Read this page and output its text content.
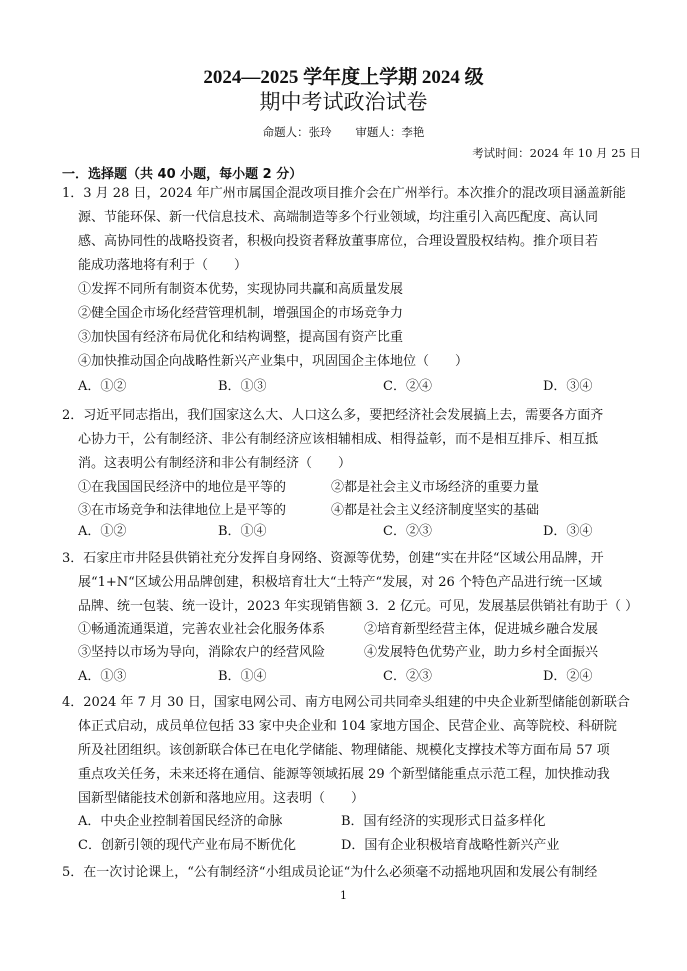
2024—2025 学年度上学期 2024 级
期中考试政治试卷
命题人：张玲 审题人：李艳
考试时间：2024 年 10 月 25 日
一．选择题（共 40 小题，每小题 2 分）
1．3 月 28 日，2024 年广州市属国企混改项目推介会在广州举行。本次推介的混改项目涵盖新能
源、节能环保、新一代信息技术、高端制造等多个行业领域，均注重引入高匹配度、高认同
感、高协同性的战略投资者，积极向投资者释放董事席位，合理设置股权结构。推介项目若
能成功落地将有利于（　　）
①发挥不同所有制资本优势，实现协同共赢和高质量发展
②健全国企市场化经营管理机制，增强国企的市场竞争力
③加快国有经济布局优化和结构调整，提高国有资产比重
④加快推动国企向战略性新兴产业集中，巩固国企主体地位（　　）
A．①②	B．①③	C．②④	D．③④
2．习近平同志指出，我们国家这么大、人口这么多，要把经济社会发展搞上去，需要各方面齐
心协力干，公有制经济、非公有制经济应该相辅相成、相得益彰，而不是相互排斥、相互抵
消。这表明公有制经济和非公有制经济（　　）
①在我国国民经济中的地位是平等的	②都是社会主义市场经济的重要力量
③在市场竞争和法律地位上是平等的	④都是社会主义经济制度坚实的基础
A．①②	B．①④	C．②③	D．③④
3．石家庄市井陉县供销社充分发挥自身网络、资源等优势，创建“实在井陉“区域公用品牌，开
展“1+N“区域公用品牌创建，积极培育壮大“土特产“发展，对 26 个特色产品进行统一区域
品牌、统一包装、统一设计，2023 年实现销售额 3．2 亿元。可见，发展基层供销社有助于（ ）
①畅通流通渠道，完善农业社会化服务体系	②培育新型经营主体，促进城乡融合发展
③坚持以市场为导向，消除农户的经营风险	④发展特色优势产业，助力乡村全面振兴
A．①③	B．①④	C．②③	D．②④
4．2024 年 7 月 30 日，国家电网公司、南方电网公司共同牵头组建的中央企业新型储能创新联合
体正式启动，成员单位包括 33 家中央企业和 104 家地方国企、民营企业、高等院校、科研院
所及社团组织。该创新联合体已在电化学储能、物理储能、规模化支撑技术等方面布局 57 项
重点攻关任务，未来还将在通信、能源等领域拓展 29 个新型储能重点示范工程，加快推动我
国新型储能技术创新和落地应用。这表明（　　）
A．中央企业控制着国民经济的命脉	B．国有经济的实现形式日益多样化
C．创新引领的现代产业布局不断优化	D．国有企业积极培育战略性新兴产业
5．在一次讨论课上，“公有制经济“小组成员论证“为什么必须毫不动摇地巩固和发展公有制经
1
